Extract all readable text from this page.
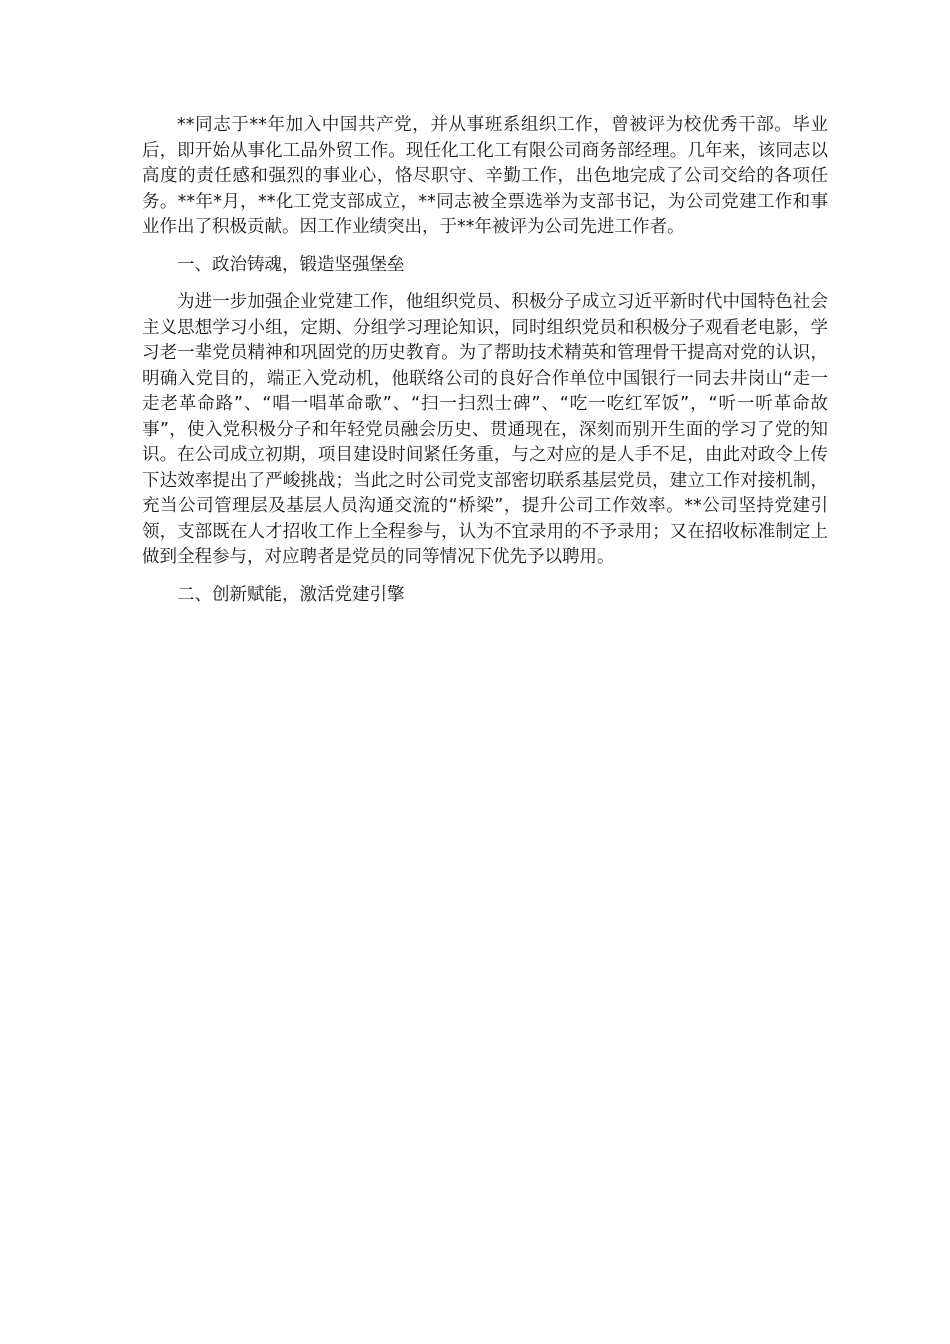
**同志于**年加入中国共产党，并从事班系组织工作，曾被评为校优秀干部。毕业后，即开始从事化工品外贸工作。现任化工化工有限公司商务部经理。几年来，该同志以高度的责任感和强烈的事业心，恪尽职守、辛勤工作，出色地完成了公司交给的各项任务。**年*月，**化工党支部成立，**同志被全票选举为支部书记，为公司党建工作和事业作出了积极贡献。因工作业绩突出，于**年被评为公司先进工作者。

一、政治铸魂，锻造坚强堡垒

为进一步加强企业党建工作，他组织党员、积极分子成立习近平新时代中国特色社会主义思想学习小组，定期、分组学习理论知识，同时组织党员和积极分子观看老电影，学习老一辈党员精神和巩固党的历史教育。为了帮助技术精英和管理骨干提高对党的认识，明确入党目的，端正入党动机，他联络公司的良好合作单位中国银行一同去井岗山“走一走老革命路”、“唱一唱革命歌”、“扫一扫烈士碑”、“吃一吃红军饭”，“听一听革命故事”，使入党积极分子和年轻党员融会历史、贯通现在，深刻而别开生面的学习了党的知识。在公司成立初期，项目建设时间紧任务重，与之对应的是人手不足，由此对政令上传下达效率提出了严峻挑战；当此之时公司党支部密切联系基层党员，建立工作对接机制，充当公司管理层及基层人员沟通交流的“桥梁”，提升公司工作效率。**公司坚持党建引领，支部既在人才招收工作上全程参与，认为不宜录用的不予录用；又在招收标准制定上做到全程参与，对应聘者是党员的同等情况下优先予以聘用。

二、创新赋能，激活党建引擎
